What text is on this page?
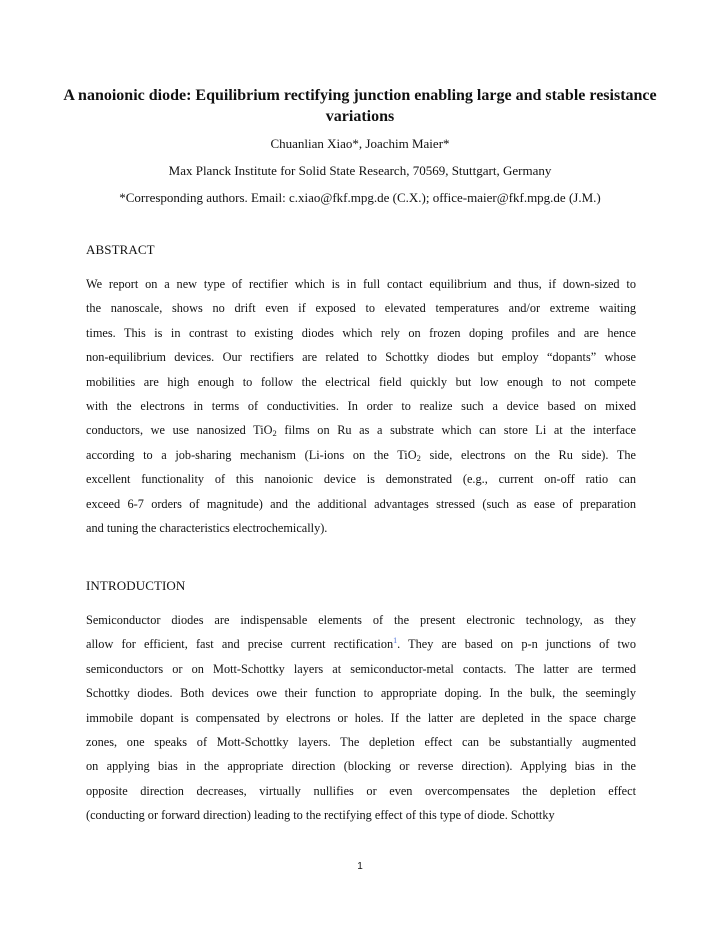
A nanoionic diode: Equilibrium rectifying junction enabling large and stable resistance variations
Chuanlian Xiao*, Joachim Maier*
Max Planck Institute for Solid State Research, 70569, Stuttgart, Germany
*Corresponding authors. Email: c.xiao@fkf.mpg.de (C.X.); office-maier@fkf.mpg.de (J.M.)
ABSTRACT
We report on a new type of rectifier which is in full contact equilibrium and thus, if down-sized to
the nanoscale, shows no drift even if exposed to elevated temperatures and/or extreme waiting
times. This is in contrast to existing diodes which rely on frozen doping profiles and are hence
non-equilibrium devices. Our rectifiers are related to Schottky diodes but employ “dopants” whose
mobilities are high enough to follow the electrical field quickly but low enough to not compete
with the electrons in terms of conductivities. In order to realize such a device based on mixed
conductors, we use nanosized TiO$_2$ films on Ru as a substrate which can store Li at the interface
according to a job-sharing mechanism (Li-ions on the TiO$_2$ side, electrons on the Ru side). The
excellent functionality of this nanoionic device is demonstrated (e.g., current on-off ratio can
exceed 6-7 orders of magnitude) and the additional advantages stressed (such as ease of preparation
and tuning the characteristics electrochemically).
INTRODUCTION
Semiconductor diodes are indispensable elements of the present electronic technology, as they
allow for efficient, fast and precise current rectification$^1$. They are based on p-n junctions of two
semiconductors or on Mott-Schottky layers at semiconductor-metal contacts. The latter are termed
Schottky diodes. Both devices owe their function to appropriate doping. In the bulk, the seemingly
immobile dopant is compensated by electrons or holes. If the latter are depleted in the space charge
zones, one speaks of Mott-Schottky layers. The depletion effect can be substantially augmented
on applying bias in the appropriate direction (blocking or reverse direction). Applying bias in the
opposite direction decreases, virtually nullifies or even overcompensates the depletion effect
(conducting or forward direction) leading to the rectifying effect of this type of diode. Schottky
1
